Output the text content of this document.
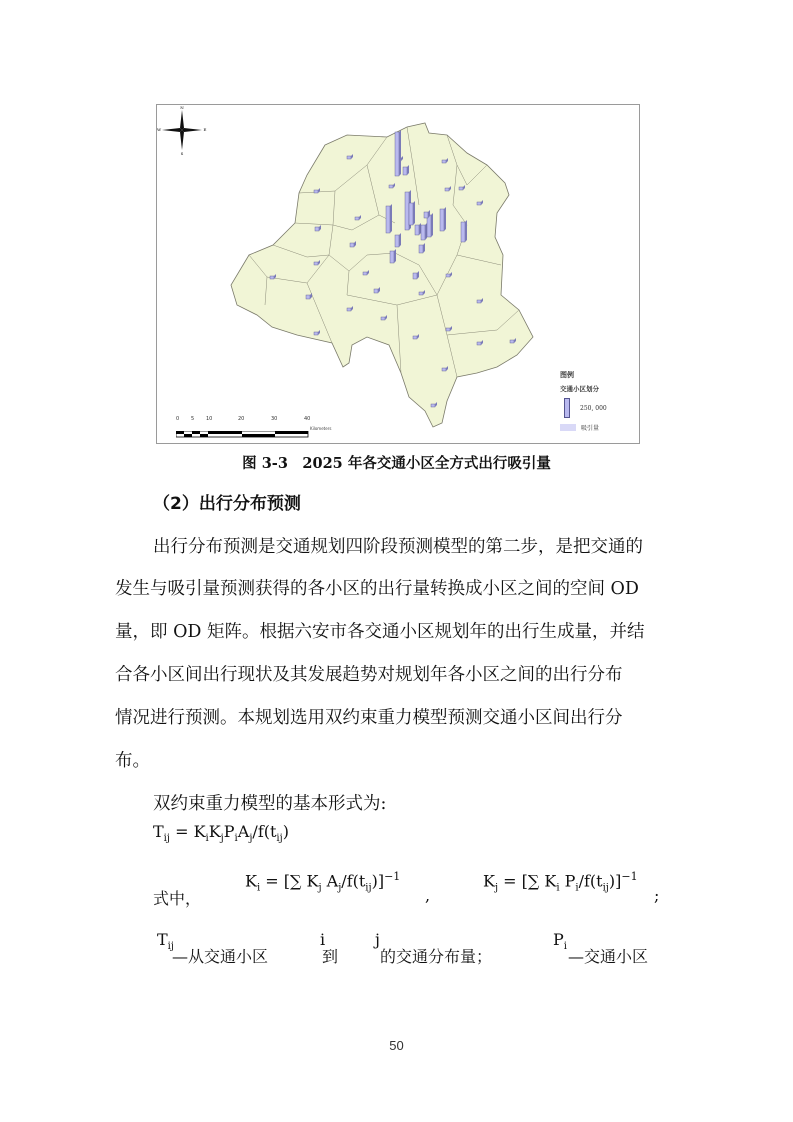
N
S
E
W
图例
交通小区划分
250, 000
吸引量
0 5 10	20	30	40
Kilometers
图 3-3　2025 年各交通小区全方式出行吸引量
（2）出行分布预测
出行分布预测是交通规划四阶段预测模型的第二步，是把交通的
发生与吸引量预测获得的各小区的出行量转换成小区之间的空间 OD
量，即 OD 矩阵。根据六安市各交通小区规划年的出行生成量，并结
合各小区间出行现状及其发展趋势对规划年各小区之间的出行分布
情况进行预测。本规划选用双约束重力模型预测交通小区间出行分
布。
双约束重力模型的基本形式为:
$T_{ij} = K_iK_jP_iA_j/f(t_{ij})$
式中，
$K_i$ = [∑ $K_j$ $A_j/f(t_{ij})]^{-1}$
,
$K_j$ = [∑ $K_i$ $P_i/f(t_{ij})]^{-1}$
;
$T_{ij}$
—从交通小区
i
到
j
的交通分布量；
$P_i$
—交通小区
50
